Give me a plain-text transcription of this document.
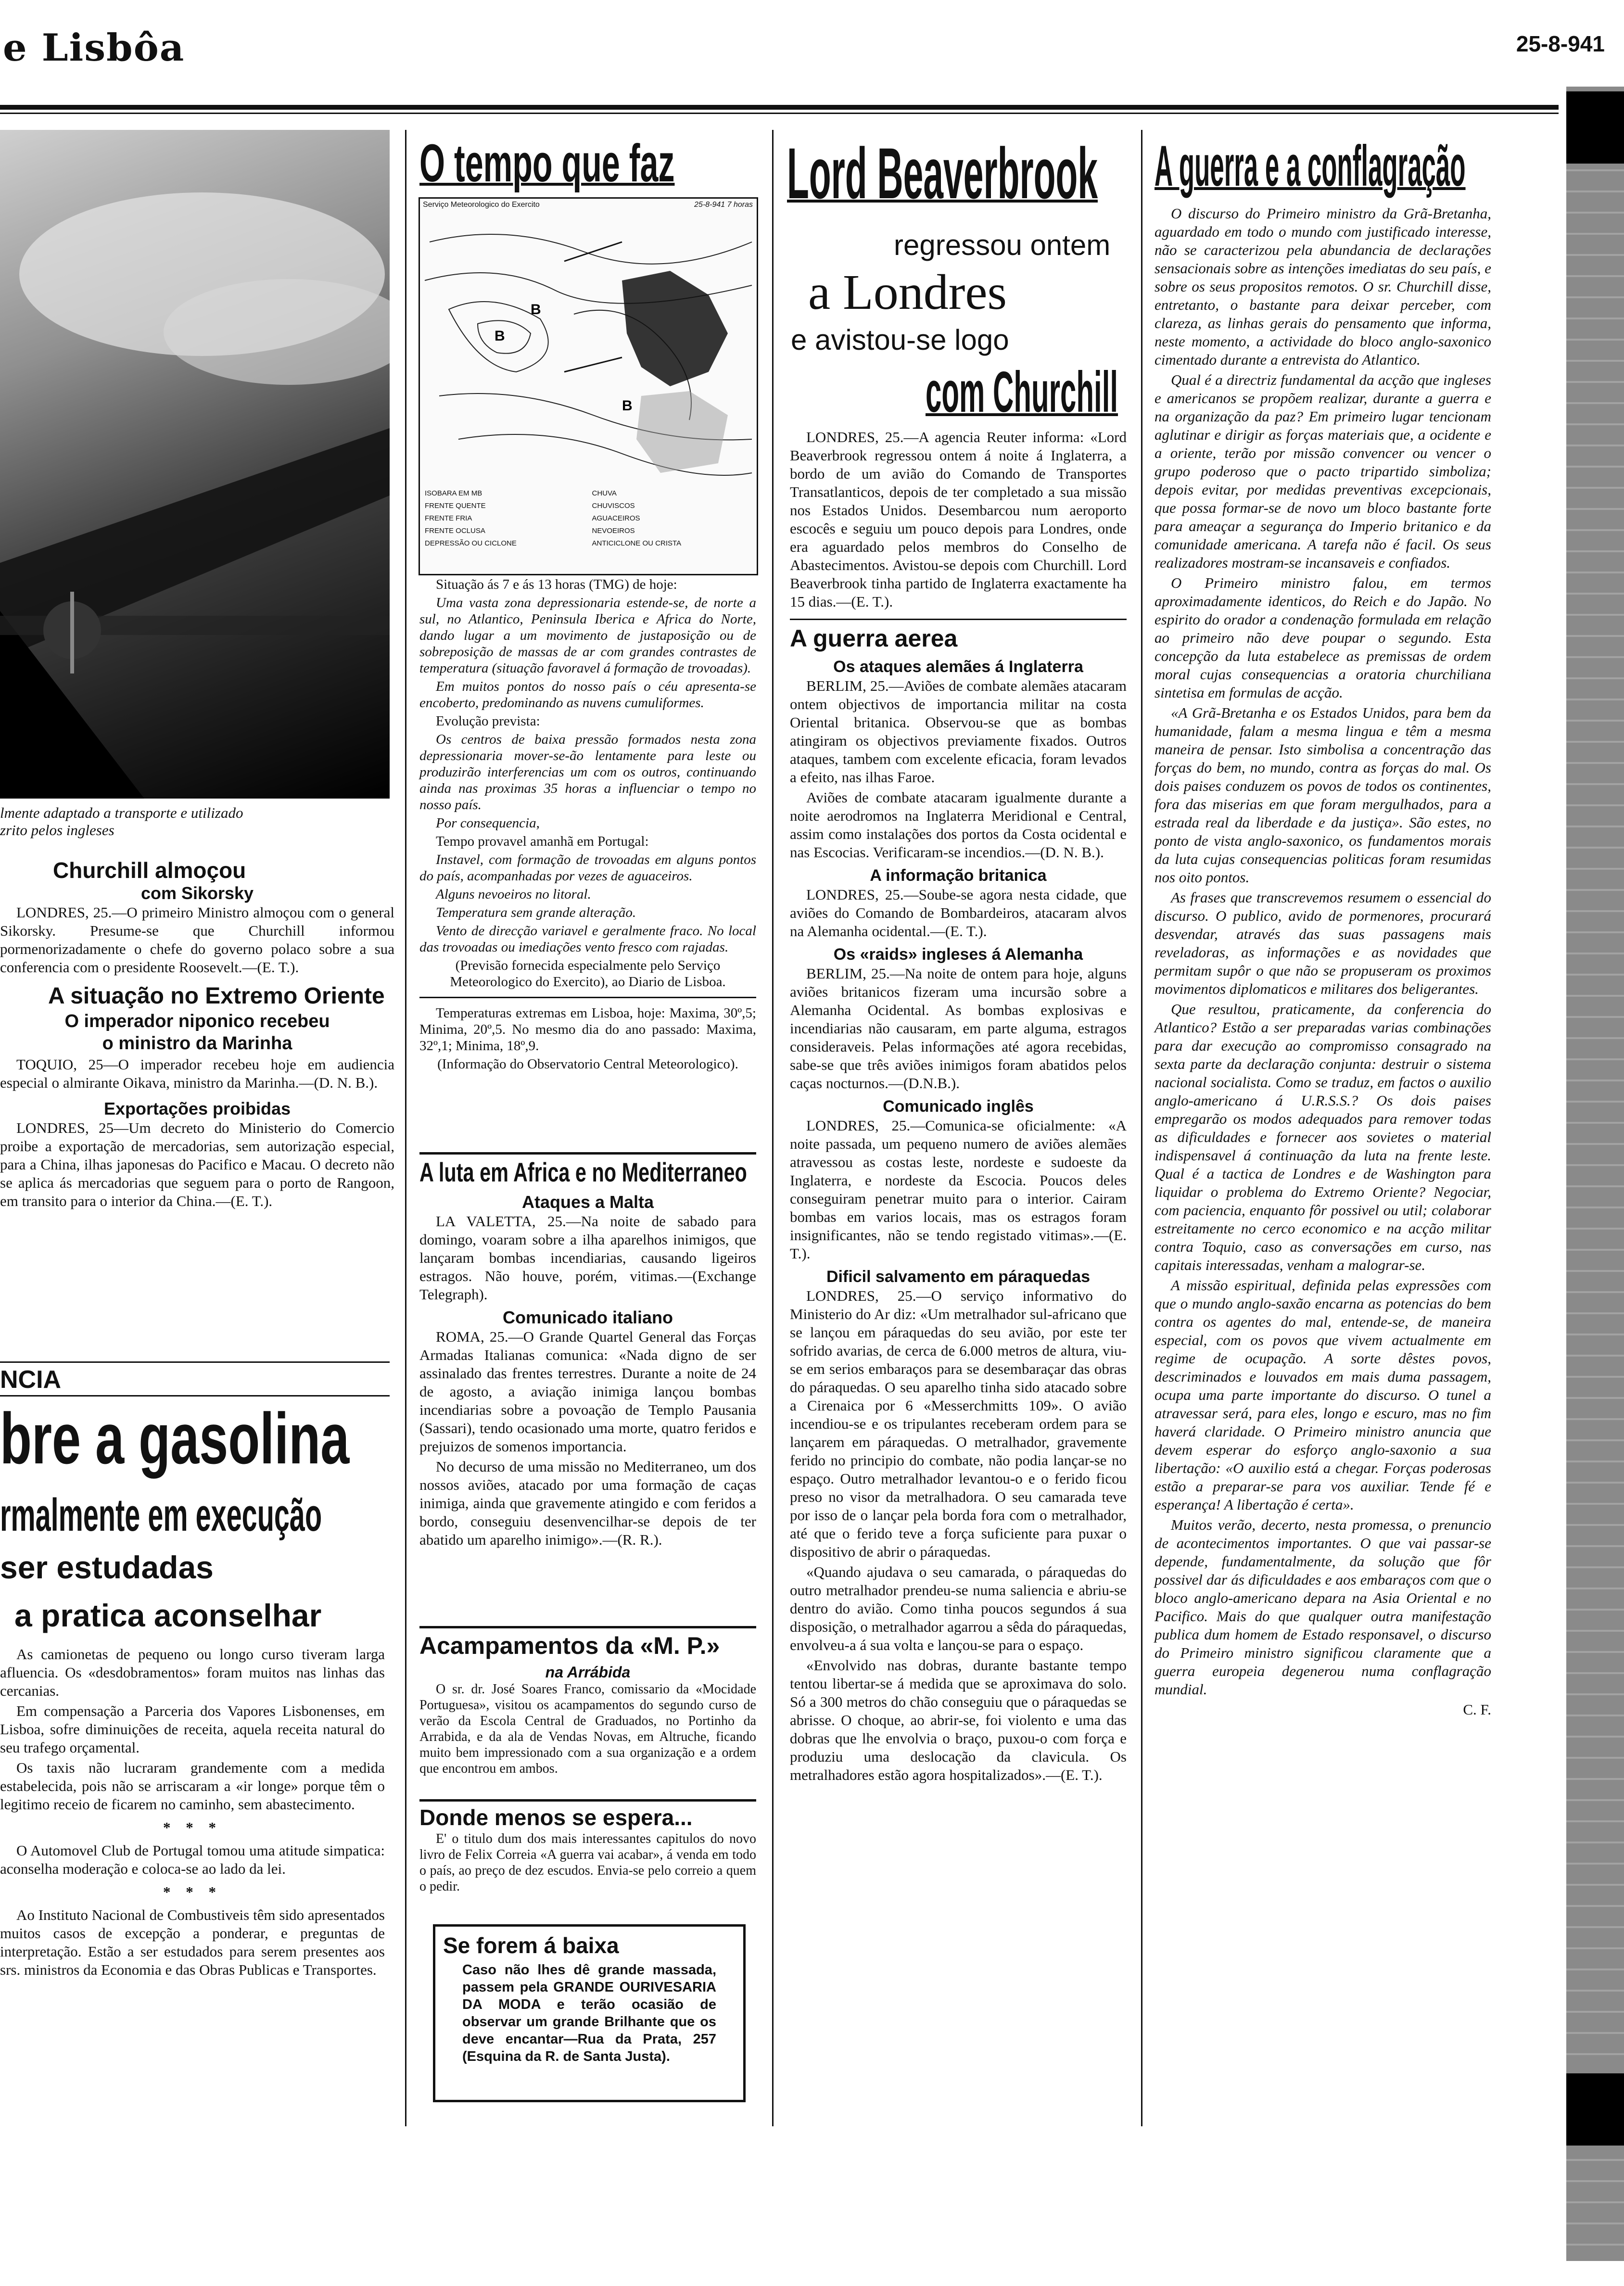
e Lisbôa	25-8-941
lmente adaptado a transporte e utilizado
zrito pelos ingleses
Churchill almoçou
com Sikorsky

LONDRES, 25.—O primeiro Ministro almoçou com o general Sikorsky. Presume-se que Churchill informou pormenorizadamente o chefe do governo polaco sobre a sua conferencia com o presidente Roosevelt.—(E. T.).

A situação no Extremo Oriente
O imperador niponico recebeu o ministro da Marinha

TOQUIO, 25—O imperador recebeu hoje em audiencia especial o almirante Oikava, ministro da Marinha.—(D. N. B.).

Exportações proibidas

LONDRES, 25—Um decreto do Ministerio do Comercio proibe a exportação de mercadorias, sem autorização especial, para a China, ilhas japonesas do Pacifico e Macau. O decreto não se aplica ás mercadorias que seguem para o porto de Rangoon, em transito para o interior da China.—(E. T.).

NCIA
bre a gasolina
rmalmente em execução
ser estudadas
a pratica aconselhar

As camionetas de pequeno ou longo curso tiveram larga afluencia. Os «desdobramentos» foram muitos nas linhas das cercanias.

Em compensação a Parceria dos Vapores Lisbonenses, em Lisboa, sofre diminuições de receita, aquela receita natural do seu trafego orçamental.

Os taxis não lucraram grandemente com a medida estabelecida, pois não se arriscaram a «ir longe» porque têm o legitimo receio de ficarem no caminho, sem abastecimento.

* * *

O Automovel Club de Portugal tomou uma atitude simpatica: aconselha moderação e coloca-se ao lado da lei.

* * *

Ao Instituto Nacional de Combustiveis têm sido apresentados muitos casos de excepção a ponderar, e preguntas de interpretação. Estão a ser estudados para serem presentes aos srs. ministros da Economia e das Obras Publicas e Transportes.

O tempo que faz
Serviço Meteorologico do Exercito	25-8-941 7 horas
B
B
B
ISOBARA EM MB
FRENTE QUENTE
FRENTE FRIA
FRENTE OCLUSA
DEPRESSÃO OU CICLONE
CHUVA
CHUVISCOS
AGUACEIROS
NEVOEIROS
ANTICICLONE OU CRISTA

Situação ás 7 e ás 13 horas (TMG) de hoje:

Uma vasta zona depressionaria estende-se, de norte a sul, no Atlantico, Peninsula Iberica e Africa do Norte, dando lugar a um movimento de justaposição ou de sobreposição de massas de ar com grandes contrastes de temperatura (situação favoravel á formação de trovoadas).

Em muitos pontos do nosso país o céu apresenta-se encoberto, predominando as nuvens cumuliformes.

Evolução prevista:

Os centros de baixa pressão formados nesta zona depressionaria mover-se-ão lentamente para leste ou produzirão interferencias um com os outros, continuando ainda nas proximas 35 horas a influenciar o tempo no nosso país.

Por consequencia,

Tempo provavel amanhã em Portugal:

Instavel, com formação de trovoadas em alguns pontos do país, acompanhadas por vezes de aguaceiros.

Alguns nevoeiros no litoral.

Temperatura sem grande alteração.

Vento de direcção variavel e geralmente fraco. No local das trovoadas ou imediações vento fresco com rajadas.

(Previsão fornecida especialmente pelo Serviço Meteorologico do Exercito), ao Diario de Lisboa.

Temperaturas extremas em Lisboa, hoje: Maxima, 30º,5; Minima, 20º,5. No mesmo dia do ano passado: Maxima, 32º,1; Minima, 18º,9.

(Informação do Observatorio Central Meteorologico).

A luta em Africa e no Mediterraneo
Ataques a Malta

LA VALETTA, 25.—Na noite de sabado para domingo, voaram sobre a ilha aparelhos inimigos, que lançaram bombas incendiarias, causando ligeiros estragos. Não houve, porém, vitimas.—(Exchange Telegraph).

Comunicado italiano

ROMA, 25.—O Grande Quartel General das Forças Armadas Italianas comunica: «Nada digno de ser assinalado das frentes terrestres. Durante a noite de 24 de agosto, a aviação inimiga lançou bombas incendiarias sobre a povoação de Templo Pausania (Sassari), tendo ocasionado uma morte, quatro feridos e prejuizos de somenos importancia.

No decurso de uma missão no Mediterraneo, um dos nossos aviões, atacado por uma formação de caças inimiga, ainda que gravemente atingido e com feridos a bordo, conseguiu desenvencilhar-se depois de ter abatido um aparelho inimigo».—(R. R.).

Acampamentos da «M. P.»
na Arrábida

O sr. dr. José Soares Franco, comissario da «Mocidade Portuguesa», visitou os acampamentos do segundo curso de verão da Escola Central de Graduados, no Portinho da Arrabida, e da ala de Vendas Novas, em Altruche, ficando muito bem impressionado com a sua organização e a ordem que encontrou em ambos.

Donde menos se espera...

E' o titulo dum dos mais interessantes capitulos do novo livro de Felix Correia «A guerra vai acabar», á venda em todo o país, ao preço de dez escudos. Envia-se pelo correio a quem o pedir.

Se forem á baixa
Caso não lhes dê grande massada, passem pela GRANDE OURIVESARIA DA MODA e terão ocasião de observar um grande Brilhante que os deve encantar—Rua da Prata, 257 (Esquina da R. de Santa Justa).
Lord Beaverbrook
regressou ontem
a Londres
e avistou-se logo
com Churchill

LONDRES, 25.—A agencia Reuter informa: «Lord Beaverbrook regressou ontem á noite á Inglaterra, a bordo de um avião do Comando de Transportes Transatlanticos, depois de ter completado a sua missão nos Estados Unidos. Desembarcou num aeroporto escocês e seguiu um pouco depois para Londres, onde era aguardado pelos membros do Conselho de Abastecimentos. Avistou-se depois com Churchill. Lord Beaverbrook tinha partido de Inglaterra exactamente ha 15 dias.—(E. T.).

A guerra aerea
Os ataques alemães á Inglaterra

BERLIM, 25.—Aviões de combate alemães atacaram ontem objectivos de importancia militar na costa Oriental britanica. Observou-se que as bombas atingiram os objectivos previamente fixados. Outros ataques, tambem com excelente eficacia, foram levados a efeito, nas ilhas Faroe.

Aviões de combate atacaram igualmente durante a noite aerodromos na Inglaterra Meridional e Central, assim como instalações dos portos da Costa ocidental e nas Escocias. Verificaram-se incendios.—(D. N. B.).

A informação britanica

LONDRES, 25.—Soube-se agora nesta cidade, que aviões do Comando de Bombardeiros, atacaram alvos na Alemanha ocidental.—(E. T.).

Os «raids» ingleses á Alemanha

BERLIM, 25.—Na noite de ontem para hoje, alguns aviões britanicos fizeram uma incursão sobre a Alemanha Ocidental. As bombas explosivas e incendiarias não causaram, em parte alguma, estragos consideraveis. Pelas informações até agora recebidas, sabe-se que três aviões inimigos foram abatidos pelos caças nocturnos.—(D.N.B.).

Comunicado inglês

LONDRES, 25.—Comunica-se oficialmente: «A noite passada, um pequeno numero de aviões alemães atravessou as costas leste, nordeste e sudoeste da Inglaterra, e nordeste da Escocia. Poucos deles conseguiram penetrar muito para o interior. Cairam bombas em varios locais, mas os estragos foram insignificantes, não se tendo registado vitimas».—(E. T.).

Dificil salvamento em páraquedas

LONDRES, 25.—O serviço informativo do Ministerio do Ar diz: «Um metralhador sul-africano que se lançou em páraquedas do seu avião, por este ter sofrido avarias, de cerca de 6.000 metros de altura, viu-se em serios embaraços para se desembaraçar das obras do páraquedas. O seu aparelho tinha sido atacado sobre a Cirenaica por 6 «Messerchmitts 109». O avião incendiou-se e os tripulantes receberam ordem para se lançarem em páraquedas. O metralhador, gravemente ferido no principio do combate, não podia lançar-se no espaço. Outro metralhador levantou-o e o ferido ficou preso no visor da metralhadora. O seu camarada teve por isso de o lançar pela borda fora com o metralhador, até que o ferido teve a força suficiente para puxar o dispositivo de abrir o páraquedas.

«Quando ajudava o seu camarada, o páraquedas do outro metralhador prendeu-se numa saliencia e abriu-se dentro do avião. Como tinha poucos segundos á sua disposição, o metralhador agarrou a sêda do páraquedas, envolveu-a á sua volta e lançou-se para o espaço.

«Envolvido nas dobras, durante bastante tempo tentou libertar-se á medida que se aproximava do solo. Só a 300 metros do chão conseguiu que o páraquedas se abrisse. O choque, ao abrir-se, foi violento e uma das dobras que lhe envolvia o braço, puxou-o com força e produziu uma deslocação da clavicula. Os metralhadores estão agora hospitalizados».—(E. T.).

A guerra e a conflagração

O discurso do Primeiro ministro da Grã-Bretanha, aguardado em todo o mundo com justificado interesse, não se caracterizou pela abundancia de declarações sensacionais sobre as intenções imediatas do seu país, e sobre os seus propositos remotos. O sr. Churchill disse, entretanto, o bastante para deixar perceber, com clareza, as linhas gerais do pensamento que informa, neste momento, a actividade do bloco anglo-saxonico cimentado durante a entrevista do Atlantico.

Qual é a directriz fundamental da acção que ingleses e americanos se propõem realizar, durante a guerra e na organização da paz? Em primeiro lugar tencionam aglutinar e dirigir as forças materiais que, a ocidente e a oriente, terão por missão convencer ou vencer o grupo poderoso que o pacto tripartido simboliza; depois evitar, por medidas preventivas excepcionais, que possa formar-se de novo um bloco bastante forte para ameaçar a segurança do Imperio britanico e da comunidade americana. A tarefa não é facil. Os seus realizadores mostram-se incansaveis e confiados.

O Primeiro ministro falou, em termos aproximadamente identicos, do Reich e do Japão. No espirito do orador a condenação formulada em relação ao primeiro não deve poupar o segundo. Esta concepção da luta estabelece as premissas de ordem moral cujas consequencias a oratoria churchiliana sintetisa em formulas de acção.

«A Grã-Bretanha e os Estados Unidos, para bem da humanidade, falam a mesma lingua e têm a mesma maneira de pensar. Isto simbolisa a concentração das forças do bem, no mundo, contra as forças do mal. Os dois paises conduzem os povos de todos os continentes, fora das miserias em que foram mergulhados, para a estrada real da liberdade e da justiça». São estes, no ponto de vista anglo-saxonico, os fundamentos morais da luta cujas consequencias politicas foram resumidas nos oito pontos.

As frases que transcrevemos resumem o essencial do discurso. O publico, avido de pormenores, procurará desvendar, através das suas passagens mais reveladoras, as informações e as novidades que permitam supôr o que não se propuseram os proximos movimentos diplomaticos e militares dos beligerantes.

Que resultou, praticamente, da conferencia do Atlantico? Estão a ser preparadas varias combinações para dar execução ao compromisso consagrado na sexta parte da declaração conjunta: destruir o sistema nacional socialista. Como se traduz, em factos o auxilio anglo-americano á U.R.S.S.? Os dois paises empregarão os modos adequados para remover todas as dificuldades e fornecer aos sovietes o material indispensavel á continuação da luta na frente leste. Qual é a tactica de Londres e de Washington para liquidar o problema do Extremo Oriente? Negociar, com paciencia, enquanto fôr possivel ou util; colaborar estreitamente no cerco economico e na acção militar contra Toquio, caso as conversações em curso, nas capitais interessadas, venham a malograr-se.

A missão espiritual, definida pelas expressões com que o mundo anglo-saxão encarna as potencias do bem contra os agentes do mal, entende-se, de maneira especial, com os povos que vivem actualmente em regime de ocupação. A sorte dêstes povos, descriminados e louvados em mais duma passagem, ocupa uma parte importante do discurso. O tunel a atravessar será, para eles, longo e escuro, mas no fim haverá claridade. O Primeiro ministro anuncia que devem esperar do esforço anglo-saxonio a sua libertação: «O auxilio está a chegar. Forças poderosas estão a preparar-se para vos auxiliar. Tende fé e esperança! A libertação é certa».

Muitos verão, decerto, nesta promessa, o prenuncio de acontecimentos importantes. O que vai passar-se depende, fundamentalmente, da solução que fôr possivel dar ás dificuldades e aos embaraços com que o bloco anglo-americano depara na Asia Oriental e no Pacifico. Mais do que qualquer outra manifestação publica dum homem de Estado responsavel, o discurso do Primeiro ministro significou claramente que a guerra europeia degenerou numa conflagração mundial.

C. F.
